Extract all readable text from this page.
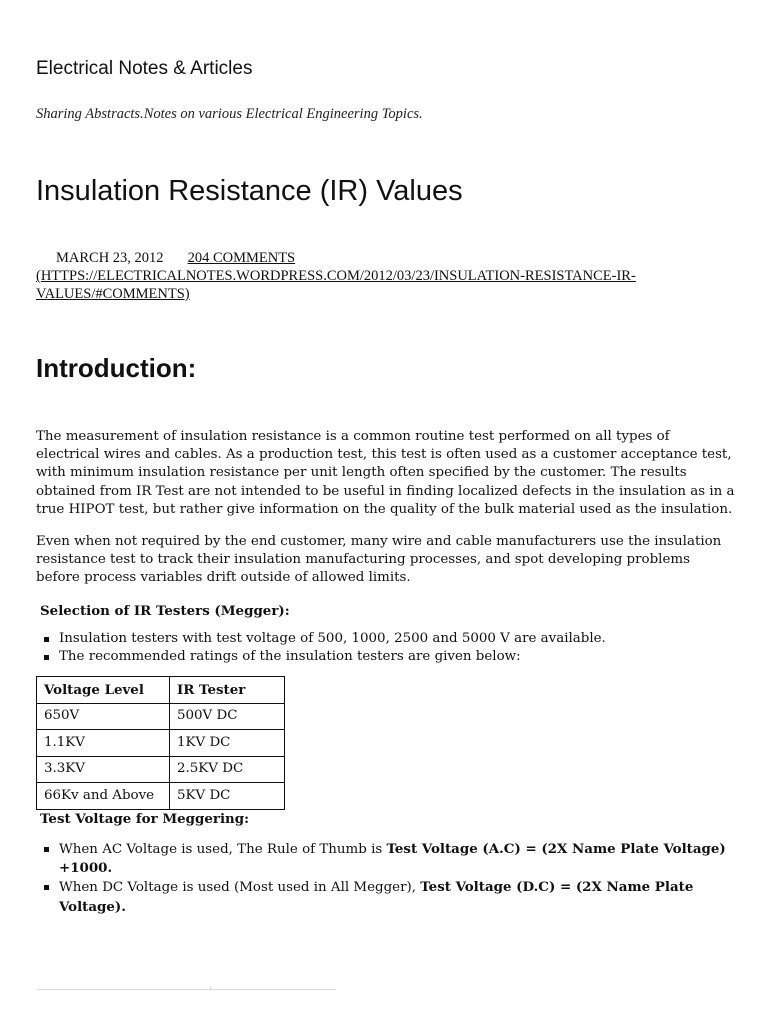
Electrical Notes & Articles
Sharing Abstracts.Notes on various Electrical Engineering Topics.
Insulation Resistance (IR) Values
MARCH 23, 2012 204 COMMENTS (HTTPS://ELECTRICALNOTES.WORDPRESS.COM/2012/03/23/INSULATION-RESISTANCE-IR-VALUES/#COMMENTS)
Introduction:

The measurement of insulation resistance is a common routine test performed on all types of electrical wires and cables. As a production test, this test is often used as a customer acceptance test, with minimum insulation resistance per unit length often specified by the customer. The results obtained from IR Test are not intended to be useful in finding localized defects in the insulation as in a true HIPOT test, but rather give information on the quality of the bulk material used as the insulation.

Even when not required by the end customer, many wire and cable manufacturers use the insulation resistance test to track their insulation manufacturing processes, and spot developing problems before process variables drift outside of allowed limits.

Selection of IR Testers (Megger):
Insulation testers with test voltage of 500, 1000, 2500 and 5000 V are available.
The recommended ratings of the insulation testers are given below:
Voltage Level	IR Tester
650V	500V DC
1.1KV	1KV DC
3.3KV	2.5KV DC
66Kv and Above	5KV DC
Test Voltage for Meggering:
When AC Voltage is used, The Rule of Thumb is Test Voltage (A.C) = (2X Name Plate Voltage) +1000.
When DC Voltage is used (Most used in All Megger), Test Voltage (D.C) = (2X Name Plate Voltage).
